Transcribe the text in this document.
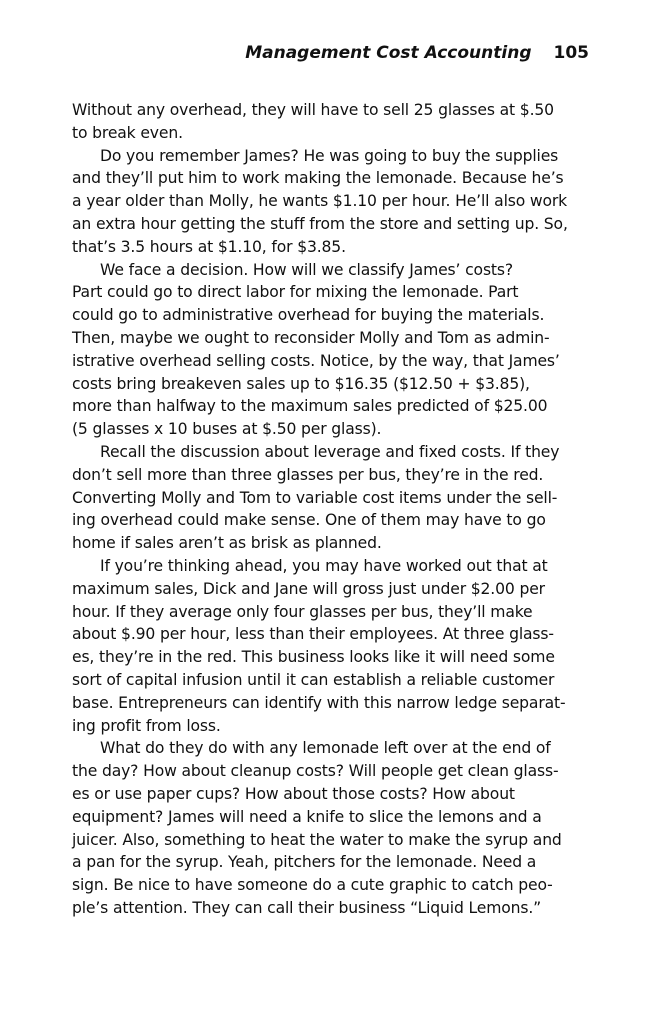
Management Cost Accounting 105
Without any overhead, they will have to sell 25 glasses at $.50
to break even.
Do you remember James? He was going to buy the supplies
and they’ll put him to work making the lemonade. Because he’s
a year older than Molly, he wants $1.10 per hour. He’ll also work
an extra hour getting the stuff from the store and setting up. So,
that’s 3.5 hours at $1.10, for $3.85.
We face a decision. How will we classify James’ costs?
Part could go to direct labor for mixing the lemonade. Part
could go to administrative overhead for buying the materials.
Then, maybe we ought to reconsider Molly and Tom as admin-
istrative overhead selling costs. Notice, by the way, that James’
costs bring breakeven sales up to $16.35 ($12.50 + $3.85),
more than halfway to the maximum sales predicted of $25.00
(5 glasses x 10 buses at $.50 per glass).
Recall the discussion about leverage and fixed costs. If they
don’t sell more than three glasses per bus, they’re in the red.
Converting Molly and Tom to variable cost items under the sell-
ing overhead could make sense. One of them may have to go
home if sales aren’t as brisk as planned.
If you’re thinking ahead, you may have worked out that at
maximum sales, Dick and Jane will gross just under $2.00 per
hour. If they average only four glasses per bus, they’ll make
about $.90 per hour, less than their employees. At three glass-
es, they’re in the red. This business looks like it will need some
sort of capital infusion until it can establish a reliable customer
base. Entrepreneurs can identify with this narrow ledge separat-
ing profit from loss.
What do they do with any lemonade left over at the end of
the day? How about cleanup costs? Will people get clean glass-
es or use paper cups? How about those costs? How about
equipment? James will need a knife to slice the lemons and a
juicer. Also, something to heat the water to make the syrup and
a pan for the syrup. Yeah, pitchers for the lemonade. Need a
sign. Be nice to have someone do a cute graphic to catch peo-
ple’s attention. They can call their business “Liquid Lemons.”
